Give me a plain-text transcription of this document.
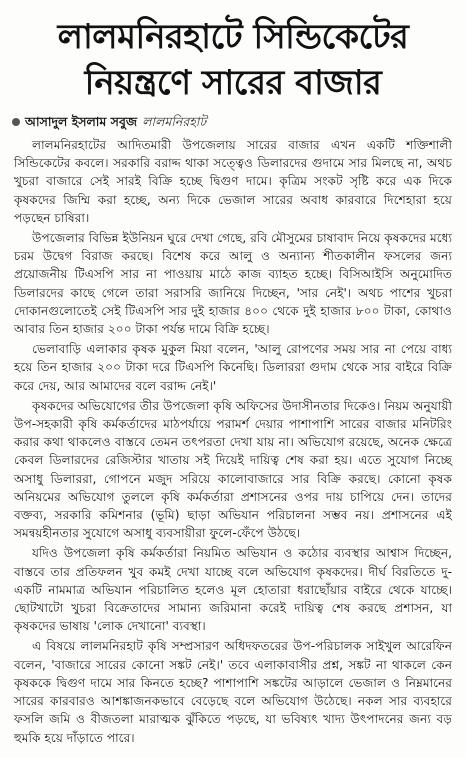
লালমনিরহাটে সিন্ডিকেটের
নিয়ন্ত্রণে সারের বাজার
আসাদুল ইসলাম সবুজ লালমনিরহাট

লালমনিরহাটের আদিতমারী উপজেলায় সারের বাজার এখন একটি শক্তিশালী সিন্ডিকেটের কবলে। সরকারি বরাদ্দ থাকা সত্ত্বেও ডিলারদের গুদামে সার মিলছে না, অথচ খুচরা বাজারে সেই সারই বিক্রি হচ্ছে দ্বিগুণ দামে। কৃত্রিম সংকট সৃষ্টি করে এক দিকে কৃষকদের জিম্মি করা হচ্ছে, অন্য দিকে ভেজাল সারের অবাধ কারবারে দিশেহারা হয়ে পড়ছেন চাষিরা।

উপজেলার বিভিন্ন ইউনিয়ন ঘুরে দেখা গেছে, রবি মৌসুমের চাষাবাদ নিয়ে কৃষকদের মধ্যে চরম উদ্বেগ বিরাজ করছে। বিশেষ করে আলু ও অন্যান্য শীতকালীন ফসলের জন্য প্রয়োজনীয় টিএসপি সার না পাওয়ায় মাঠে কাজ ব্যাহত হচ্ছে। বিসিআইসি অনুমোদিত ডিলারদের কাছে গেলে তারা সরাসরি জানিয়ে দিচ্ছেন, 'সার নেই'। অথচ পাশের খুচরা দোকানগুলোতেই সেই টিএসপি সার দুই হাজার ৪০০ থেকে দুই হাজার ৮০০ টাকা, কোথাও আবার তিন হাজার ২০০ টাকা পর্যন্ত দামে বিক্রি হচ্ছে।

ভেলাবাড়ি এলাকার কৃষক মুকুল মিয়া বলেন, 'আলু রোপণের সময় সার না পেয়ে বাধ্য হয়ে তিন হাজার ২০০ টাকা দরে টিএসপি কিনেছি। ডিলাররা গুদাম থেকে সার বাইরে বিক্রি করে দেয়, আর আমাদের বলে বরাদ্দ নেই।'

কৃষকদের অভিযোগের তীর উপজেলা কৃষি অফিসের উদাসীনতার দিকেও। নিয়ম অনুযায়ী উপ-সহকারী কৃষি কর্মকর্তাদের মাঠপর্যায়ে পরামর্শ দেয়ার পাশাপাশি সারের বাজার মনিটরিং করার কথা থাকলেও বাস্তবে তেমন তৎপরতা দেখা যায় না। অভিযোগ রয়েছে, অনেক ক্ষেত্রে কেবল ডিলারদের রেজিস্টার খাতায় সই দিয়েই দায়িত্ব শেষ করা হয়। এতে সুযোগ নিচ্ছে অসাধু ডিলাররা, গোপনে মজুদ সরিয়ে কালোবাজারে সার বিক্রি করছে। কোনো কৃষক অনিয়মের অভিযোগ তুললে কৃষি কর্মকর্তারা প্রশাসনের ওপর দায় চাপিয়ে দেন। তাদের বক্তব্য, সরকারি কমিশনার (ভূমি) ছাড়া অভিযান পরিচালনা সম্ভব নয়। প্রশাসনের এই সমন্বয়হীনতার সুযোগে অসাধু ব্যবসায়ীরা ফুলে-ফেঁপে উঠছে।

যদিও উপজেলা কৃষি কর্মকর্তারা নিয়মিত অভিযান ও কঠোর ব্যবস্থার আশ্বাস দিচ্ছেন, বাস্তবে তার প্রতিফলন খুব কমই দেখা যাচ্ছে বলে অভিযোগ কৃষকদের। দীর্ঘ বিরতিতে দু-একটি নামমাত্র অভিযান পরিচালিত হলেও মূল হোতারা ধরাছোঁয়ার বাইরে থেকে যাচ্ছে। ছোটখাটো খুচরা বিক্রেতাদের সামান্য জরিমানা করেই দায়িত্ব শেষ করছে প্রশাসন, যা কৃষকদের ভাষায় 'লোক দেখানো' ব্যবস্থা।

এ বিষয়ে লালমনিরহাট কৃষি সম্প্রসারণ অধিদফতরের উপ-পরিচালক সাইখুল আরেফিন বলেন, 'বাজারে সারের কোনো সঙ্কট নেই।' তবে এলাকাবাসীর প্রশ্ন, সঙ্কট না থাকলে কেন কৃষককে দ্বিগুণ দামে সার কিনতে হচ্ছে? পাশাপাশি সঙ্কটের আড়ালে ভেজাল ও নিম্নমানের সারের কারবারও আশঙ্কাজনকভাবে বেড়েছে বলে অভিযোগ উঠেছে। নকল সার ব্যবহারে ফসলি জমি ও বীজতলা মারাত্মক ঝুঁকিতে পড়ছে, যা ভবিষ্যৎ খাদ্য উৎপাদনের জন্য বড় হুমকি হয়ে দাঁড়াতে পারে।
